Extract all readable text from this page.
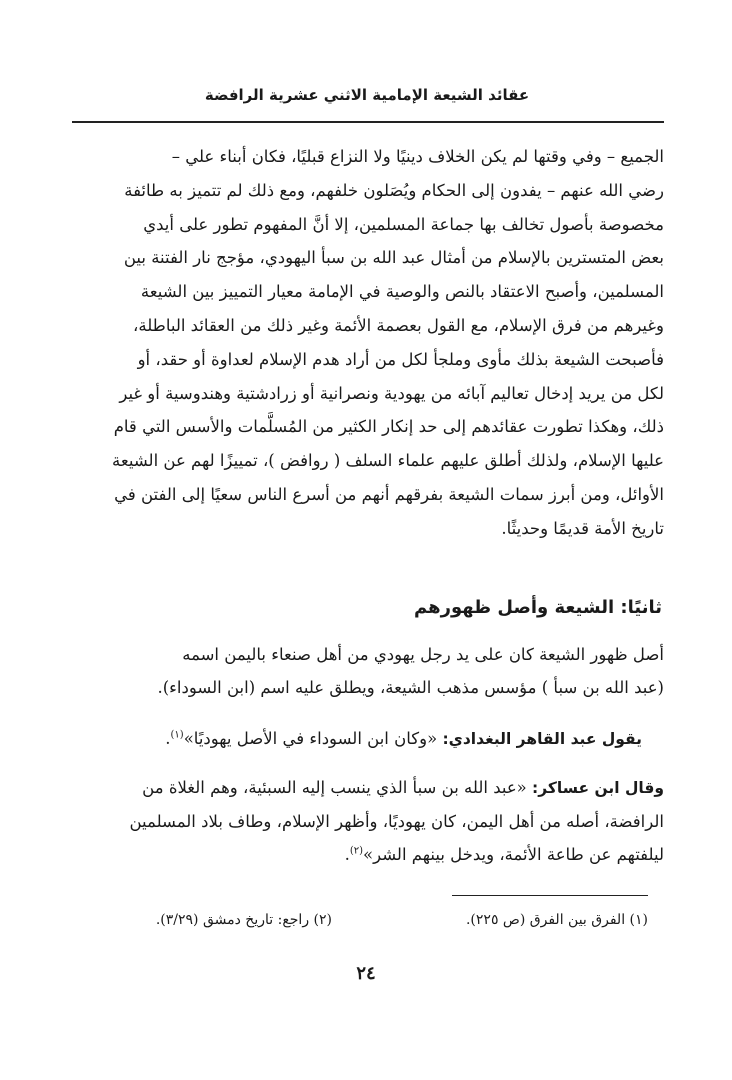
عقائد الشيعة الإمامية الاثني عشرية الرافضة

الجميع – وفي وقتها لم يكن الخلاف دينيًا ولا النزاع قبليًا، فكان أبناء علي –

رضي الله عنهم – يفدون إلى الحكام ويُصَلون خلفهم، ومع ذلك لم تتميز به طائفة

مخصوصة بأصول تخالف بها جماعة المسلمين، إلا أنَّ المفهوم تطور على أيدي

بعض المتسترين بالإسلام من أمثال عبد الله بن سبأ اليهودي، مؤجج نار الفتنة بين

المسلمين، وأصبح الاعتقاد بالنص والوصية في الإمامة معيار التمييز بين الشيعة

وغيرهم من فرق الإسلام، مع القول بعصمة الأئمة وغير ذلك من العقائد الباطلة،

فأصبحت الشيعة بذلك مأوى وملجأ لكل من أراد هدم الإسلام لعداوة أو حقد، أو

لكل من يريد إدخال تعاليم آبائه من يهودية ونصرانية أو زرادشتية وهندوسية أو غير

ذلك، وهكذا تطورت عقائدهم إلى حد إنكار الكثير من المُسلَّمات والأسس التي قام

عليها الإسلام، ولذلك أطلق عليهم علماء السلف ( روافض )، تمييزًا لهم عن الشيعة

الأوائل، ومن أبرز سمات الشيعة بفرقهم أنهم من أسرع الناس سعيًا إلى الفتن في

تاريخ الأمة قديمًا وحديثًا.

ثانيًا: الشيعة وأصل ظهورهم

أصل ظهور الشيعة كان على يد رجل يهودي من أهل صنعاء باليمن اسمه

(عبد الله بن سبأ ) مؤسس مذهب الشيعة، ويطلق عليه اسم (ابن السوداء).

يقول عبد القاهر البغدادي: «وكان ابن السوداء في الأصل يهوديًا»$^{(١)}$.

وقال ابن عساكر: «عبد الله بن سبأ الذي ينسب إليه السبئية، وهم الغلاة من

الرافضة، أصله من أهل اليمن، كان يهوديًا، وأظهر الإسلام، وطاف بلاد المسلمين

ليلفتهم عن طاعة الأئمة، ويدخل بينهم الشر»$^{(٢)}$.

(١) الفرق بين الفرق (ص ٢٢٥).
(٢) راجع: تاريخ دمشق (٣/٢٩).
٢٤
